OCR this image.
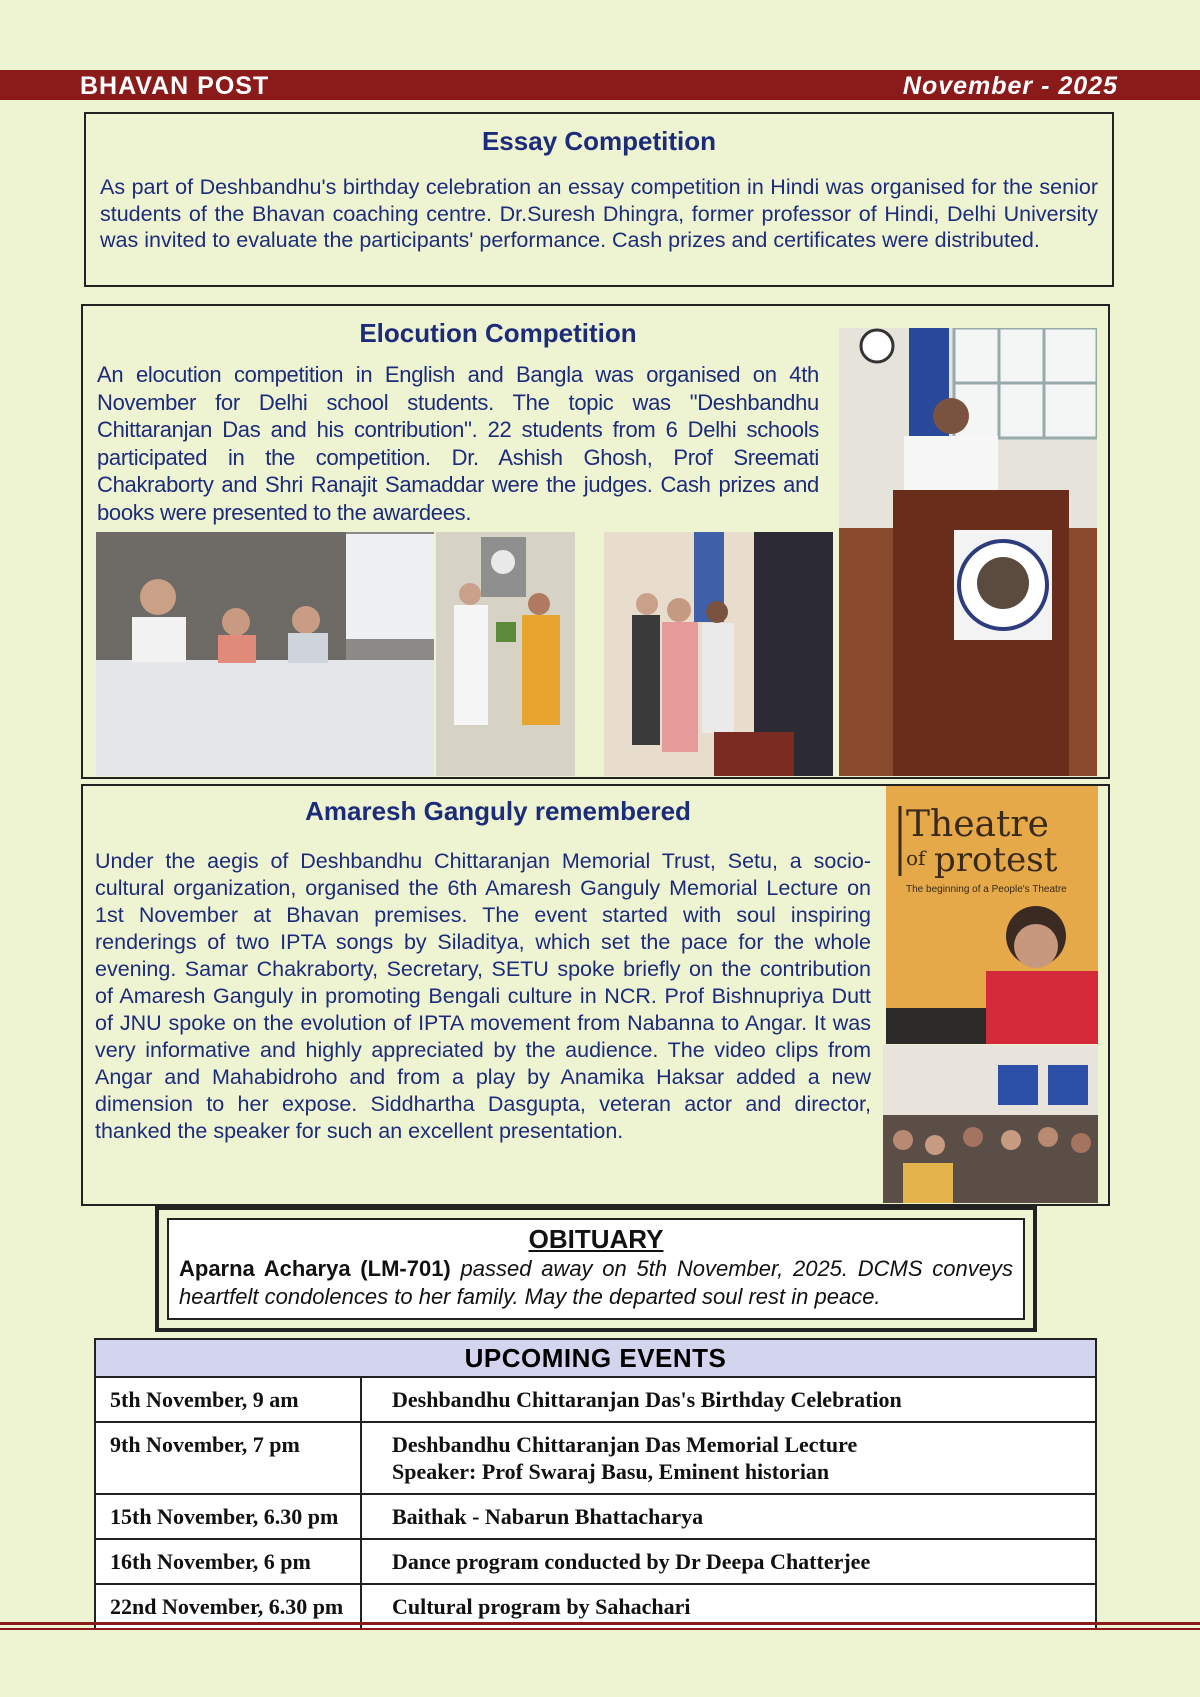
BHAVAN POST	November - 2025
Essay Competition
As part of Deshbandhu's birthday celebration an essay competition in Hindi was organised for the senior students of the Bhavan coaching centre. Dr.Suresh Dhingra, former professor of Hindi, Delhi University was invited to evaluate the participants' performance. Cash prizes and certificates were distributed.
Elocution Competition
An elocution competition in English and Bangla was organised on 4th November for Delhi school students. The topic was "Deshbandhu Chittaranjan Das and his contribution". 22 students from 6 Delhi schools participated in the competition. Dr. Ashish Ghosh, Prof Sreemati Chakraborty and Shri Ranajit Samaddar were the judges. Cash prizes and books were presented to the awardees.
Amaresh Ganguly remembered
Under the aegis of Deshbandhu Chittaranjan Memorial Trust, Setu, a socio-cultural organization, organised the 6th Amaresh Ganguly Memorial Lecture on 1st November at Bhavan premises. The event started with soul inspiring renderings of two IPTA songs by Siladitya, which set the pace for the whole evening. Samar Chakraborty, Secretary, SETU spoke briefly on the contribution of Amaresh Ganguly in promoting Bengali culture in NCR. Prof Bishnupriya Dutt of JNU spoke on the evolution of IPTA movement from Nabanna to Angar. It was very informative and highly appreciated by the audience. The video clips from Angar and Mahabidroho and from a play by Anamika Haksar added a new dimension to her expose. Siddhartha Dasgupta, veteran actor and director, thanked the speaker for such an excellent presentation.
Theatre
of protest
The beginning of a People's Theatre
OBITUARY
Aparna Acharya (LM-701) passed away on 5th November, 2025. DCMS conveys heartfelt condolences to her family. May the departed soul rest in peace.
UPCOMING EVENTS
5th November, 9 am	Deshbandhu Chittaranjan Das's Birthday Celebration
9th November, 7 pm	Deshbandhu Chittaranjan Das Memorial Lecture
Speaker: Prof Swaraj Basu, Eminent historian

15th November, 6.30 pm	Baithak - Nabarun Bhattacharya
16th November, 6 pm	Dance program conducted by Dr Deepa Chatterjee
22nd November, 6.30 pm	Cultural program by Sahachari
